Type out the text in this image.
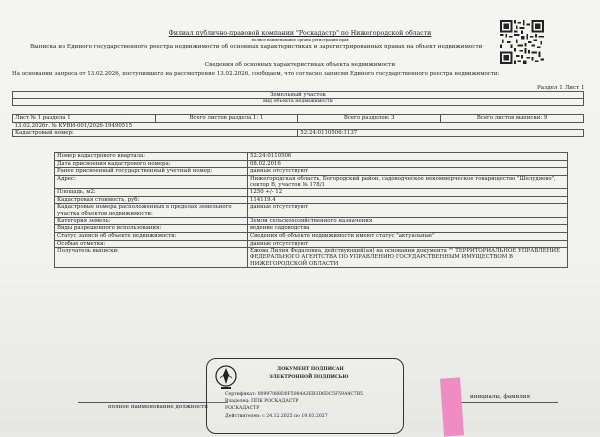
Филиал публично-правовой компании "Роскадастр" по Нижегородской области
полное наименование органа регистрации прав
Выписка из Единого государственного реестра недвижимости об основных характеристиках и зарегистрированных правах на объект недвижимости
Сведения об основных характеристиках объекта недвижимости
На основании запроса от 13.02.2026, поступившего на рассмотрение 13.02.2026, сообщаем, что согласно записям Единого государственного реестра недвижимости:
Раздел 1 Лист 1
Земельный участок			
вид объекта недвижимости			

Лист № 1 раздела 1	Всего листов раздела 1: 1	Всего разделов: 3	Всего листов выписки: 9
13.02.2026г. № КУВИ-001/2026-19490515			
Кадастровый номер:		52:24:0110506:1137	
Номер кадастрового квартала:	52:24:0110506
Дата присвоения кадастрового номера:	08.02.2016
Ранее присвоенный государственный учетный номер:	данные отсутствуют
Адрес:	Нижегородская область, Богородский район, садоводческое некоммерческое товарищество "Шелудяево", сектор В, участок № 178/1
Площадь, м2:	1250 +/- 12
Кадастровая стоимость, руб:	114119.4
Кадастровые номера расположенных в пределах земельного участка объектов недвижимости:	данные отсутствуют
Категория земель:	Земли сельскохозяйственного назначения
Виды разрешенного использования:	ведение садоводства
Статус записи об объекте недвижимости:	Сведения об объекте недвижимости имеют статус "актуальные"
Особые отметки:	данные отсутствуют
Получатель выписки:	Ежова Лилия Федаловна, действующий(ая) на основании документа "" ТЕРРИТОРИАЛЬНОЕ УПРАВЛЕНИЕ ФЕДЕРАЛЬНОГО АГЕНТСТВА ПО УПРАВЛЕНИЮ ГОСУДАРСТВЕННЫМ ИМУЩЕСТВОМ В НИЖЕГОРОДСКОЙ ОБЛАСТИ
полное наименование должности
инициалы, фамилия
ДОКУМЕНТ ПОДПИСАН
ЭЛЕКТРОННОЙ ПОДПИСЬЮ
Сертификат: 00997088D0F5984A3EB3D6DC5F59A4C7B5
Владелец: ППК РОСКАДАСТР
РОСКАДАСТР
Действителен: с 24.12.2025 по 19.03.2027
